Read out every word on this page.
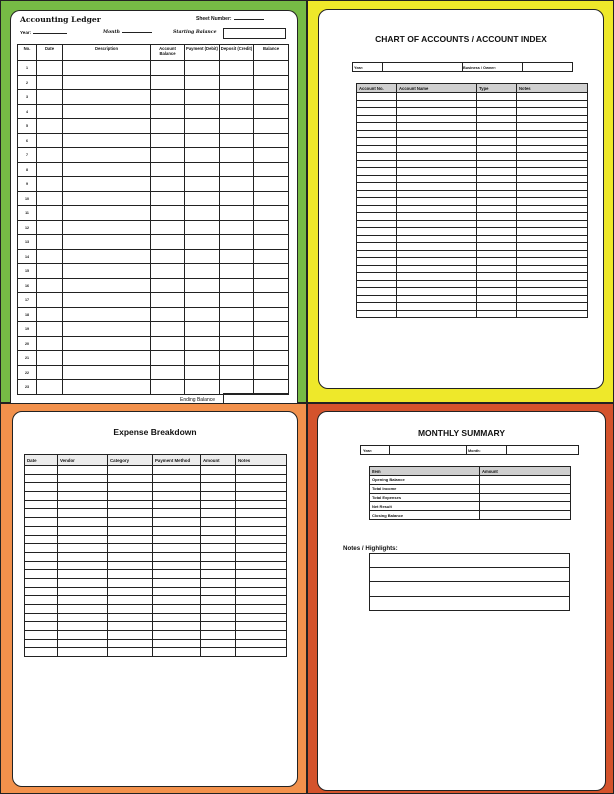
Accounting Ledger	Sheet Number:
Year:	Month	Starting Balance
No.	Date	Description	Account Balance	Payment (Debit)	Deposit (Credit)	Balance
1						
2						
3						
4						
5						
6						
7						
8						
9						
10						
11						
12						
13						
14						
15						
16						
17						
18						
19						
20						
21						
22						
23						
Ending Balance
CHART OF ACCOUNTS / ACCOUNT INDEX
Year:	Business / Owner:
Account No.	Account Name	Type	Notes

Expense Breakdown
Date	Vendor	Category	Payment Method	Amount	Notes

MONTHLY SUMMARY
Year:	Month:
Item	Amount
Opening Balance	
Total Income	
Total Expenses	
Net Result	
Closing Balance	
Notes / Highlights:
